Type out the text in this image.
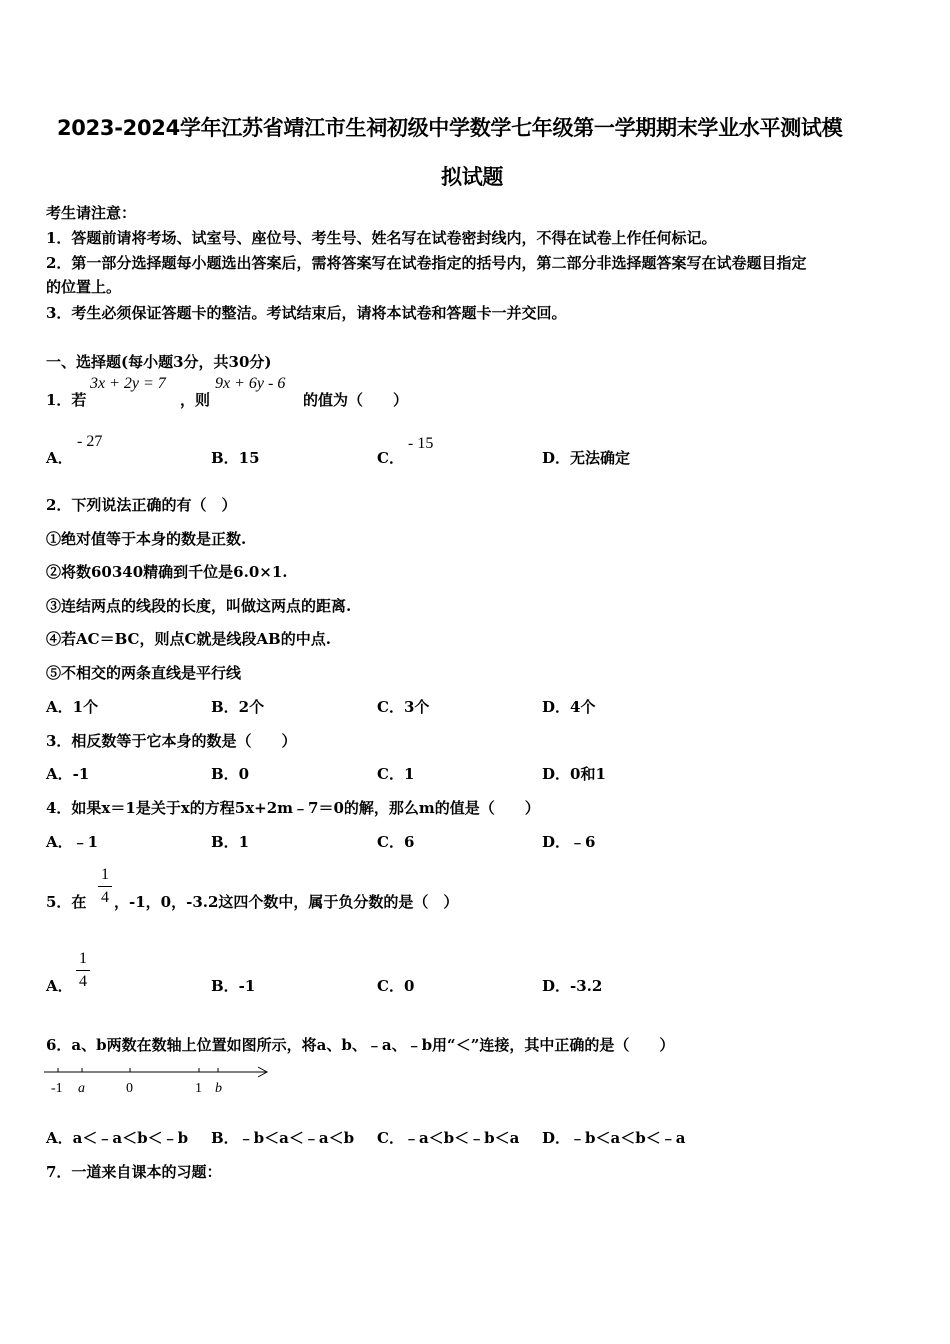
2023-2024学年江苏省靖江市生祠初级中学数学七年级第一学期期末学业水平测试模
拟试题
考生请注意：
1．答题前请将考场、试室号、座位号、考生号、姓名写在试卷密封线内，不得在试卷上作任何标记。
2．第一部分选择题每小题选出答案后，需将答案写在试卷指定的括号内，第二部分非选择题答案写在试卷题目指定
的位置上。
3．考生必须保证答题卡的整洁。考试结束后，请将本试卷和答题卡一并交回。
一、选择题(每小题3分，共30分)
1．若
3x + 2y = 7
，则
9x + 6y - 6
的值为（　　）
A．
- 27
B．15	C．
- 15
D．无法确定
2．下列说法正确的有（　）
①绝对值等于本身的数是正数.
②将数60340精确到千位是6.0×1.
③连结两点的线段的长度，叫做这两点的距离.
④若AC＝BC，则点C就是线段AB的中点.
⑤不相交的两条直线是平行线
A．1个	B．2个	C．3个	D．4个
3．相反数等于它本身的数是（　　）
A．-1	B．0	C．1	D．0和1
4．如果x＝1是关于x的方程5x+2m﹣7＝0的解，那么m的值是（　　）
A．﹣1	B．1	C．6	D．﹣6
5．在
1
4 ，-1，0，-3.2这四个数中，属于负分数的是（　）
A．
1
4	B．-1	C．0	D．-3.2
6．a、b两数在数轴上位置如图所示，将a、b、﹣a、﹣b用“＜”连接，其中正确的是（　　）
-1 a	0	1 b
A．a＜﹣a＜b＜﹣b B．﹣b＜a＜﹣a＜b C．﹣a＜b＜﹣b＜a D．﹣b＜a＜b＜﹣a
7．一道来自课本的习题：
